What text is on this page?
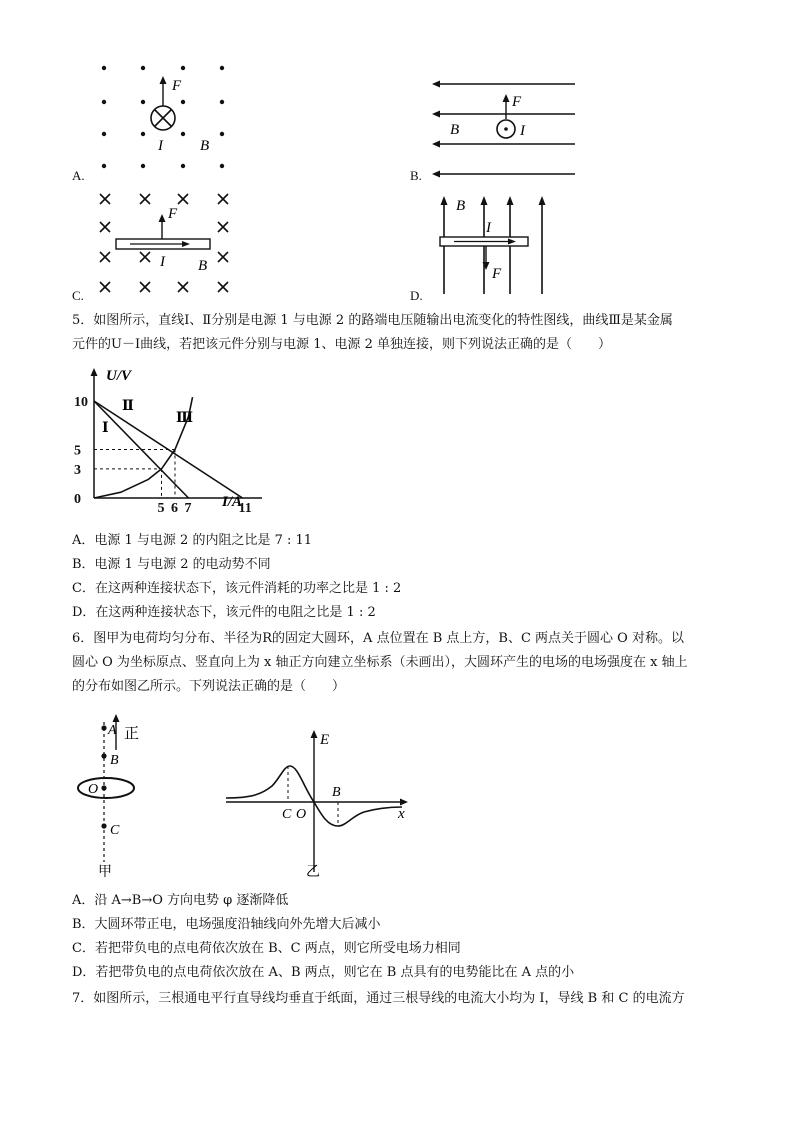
A.
F
I B
B.
F
B	I
C.
F
I B
D.
B
I
F
5．如图所示，直线Ⅰ、Ⅱ分别是电源 1 与电源 2 的路端电压随输出电流变化的特性图线，曲线Ⅲ是某金属
元件的U－I曲线，若把该元件分别与电源 1、电源 2 单独连接，则下列说法正确的是（　　）
U/V
I/A
10
5
3
0
5 6 7	11
Ⅰ
Ⅱ
Ⅲ
A．电源 1 与电源 2 的内阻之比是 7 : 11
B．电源 1 与电源 2 的电动势不同
C．在这两种连接状态下，该元件消耗的功率之比是 1 : 2
D．在这两种连接状态下，该元件的电阻之比是 1 : 2
6．图甲为电荷均匀分布、半径为R的固定大圆环，A 点位置在 B 点上方，B、C 两点关于圆心 O 对称。以
圆心 O 为坐标原点、竖直向上为 x 轴正方向建立坐标系（未画出），大圆环产生的电场的电场强度在 x 轴上
的分布如图乙所示。下列说法正确的是（　　）
A 正
B
O
C
甲
E
C O
B
x
乙
A．沿 A→B→O 方向电势 φ 逐渐降低
B．大圆环带正电，电场强度沿轴线向外先增大后减小
C．若把带负电的点电荷依次放在 B、C 两点，则它所受电场力相同
D．若把带负电的点电荷依次放在 A、B 两点，则它在 B 点具有的电势能比在 A 点的小
7．如图所示，三根通电平行直导线均垂直于纸面，通过三根导线的电流大小均为 I，导线 B 和 C 的电流方
